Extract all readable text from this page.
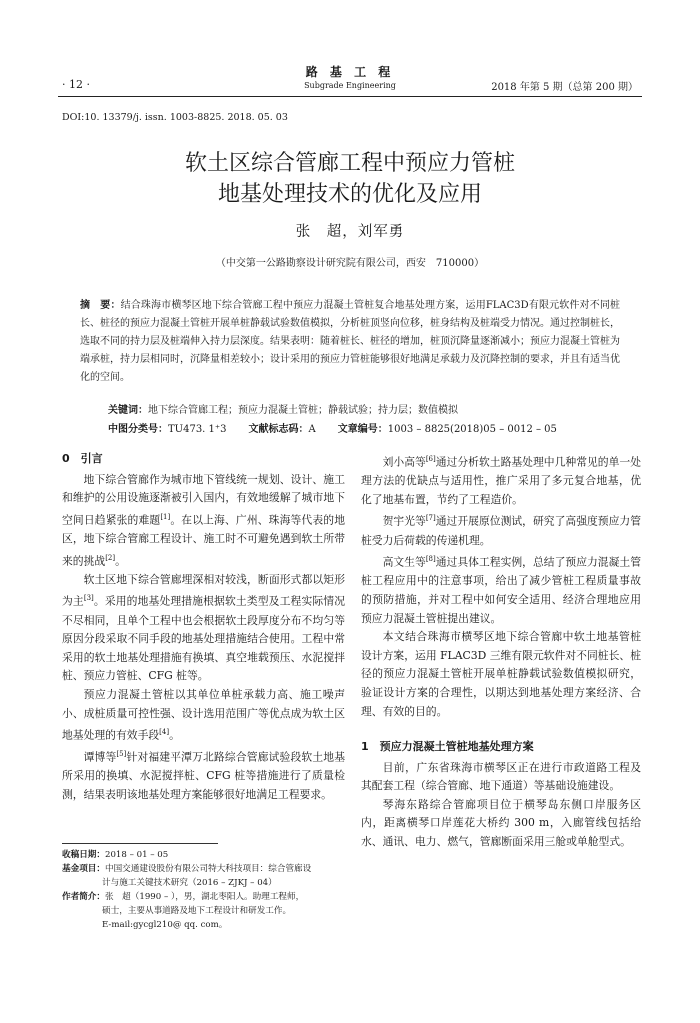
· 12 ·
路 基 工 程
Subgrade Engineering	2018 年第 5 期（总第 200 期）
DOI:10. 13379/j. issn. 1003-8825. 2018. 05. 03
软土区综合管廊工程中预应力管桩
地基处理技术的优化及应用
张　超，刘军勇
（中交第一公路勘察设计研究院有限公司，西安　710000）
摘　要：结合珠海市横琴区地下综合管廊工程中预应力混凝土管桩复合地基处理方案，运用FLAC3D有限元软件对不同桩长、桩径的预应力混凝土管桩开展单桩静载试验数值模拟，分析桩顶竖向位移，桩身结构及桩端受力情况。通过控制桩长，选取不同的持力层及桩端伸入持力层深度。结果表明：随着桩长、桩径的增加，桩顶沉降量逐渐减小；预应力混凝土管桩为端承桩，持力层相同时，沉降量相差较小；设计采用的预应力管桩能够很好地满足承载力及沉降控制的要求，并且有适当优化的空间。
关键词：地下综合管廊工程；预应力混凝土管桩；静载试验；持力层；数值模拟
中图分类号：TU473. 1⁺3 文献标志码：A 文章编号：1003 – 8825(2018)05 – 0012 – 05
0　引言

地下综合管廊作为城市地下管线统一规划、设计、施工和维护的公用设施逐渐被引入国内，有效地缓解了城市地下空间日趋紧张的难题[1]。在以上海、广州、珠海等代表的地区，地下综合管廊工程设计、施工时不可避免遇到软土所带来的挑战[2]。

软土区地下综合管廊埋深相对较浅，断面形式都以矩形为主[3]。采用的地基处理措施根据软土类型及工程实际情况不尽相同，且单个工程中也会根据软土段厚度分布不均匀等原因分段采取不同手段的地基处理措施结合使用。工程中常采用的软土地基处理措施有换填、真空堆载预压、水泥搅拌桩、预应力管桩、CFG 桩等。

预应力混凝土管桩以其单位单桩承载力高、施工噪声小、成桩质量可控性强、设计选用范围广等优点成为软土区地基处理的有效手段[4]。

谭博等[5]针对福建平潭万北路综合管廊试验段软土地基所采用的换填、水泥搅拌桩、CFG 桩等措施进行了质量检测，结果表明该地基处理方案能够很好地满足工程要求。

收稿日期：2018 – 01 – 05
基金项目：中国交通建设股份有限公司特大科技项目：综合管廊设
计与施工关键技术研究（2016 – ZJKJ – 04）
作者简介：张　超（1990 – ），男，湖北枣阳人。助理工程师，
硕士，主要从事道路及地下工程设计和研发工作。
E-mail:gycgl210@ qq. com。

刘小高等[6]通过分析软土路基处理中几种常见的单一处理方法的优缺点与适用性，推广采用了多元复合地基，优化了地基布置，节约了工程造价。

贺宇光等[7]通过开展原位测试，研究了高强度预应力管桩受力后荷载的传递机理。

高文生等[8]通过具体工程实例，总结了预应力混凝土管桩工程应用中的注意事项，给出了减少管桩工程质量事故的预防措施，并对工程中如何安全适用、经济合理地应用预应力混凝土管桩提出建议。

本文结合珠海市横琴区地下综合管廊中软土地基管桩设计方案，运用 FLAC3D 三维有限元软件对不同桩长、桩径的预应力混凝土管桩开展单桩静载试验数值模拟研究，验证设计方案的合理性，以期达到地基处理方案经济、合理、有效的目的。

1　预应力混凝土管桩地基处理方案

目前，广东省珠海市横琴区正在进行市政道路工程及其配套工程（综合管廊、地下通道）等基础设施建设。

琴海东路综合管廊项目位于横琴岛东侧口岸服务区内，距离横琴口岸莲花大桥约 300 m，入廊管线包括给水、通讯、电力、燃气，管廊断面采用三舱或单舱型式。
